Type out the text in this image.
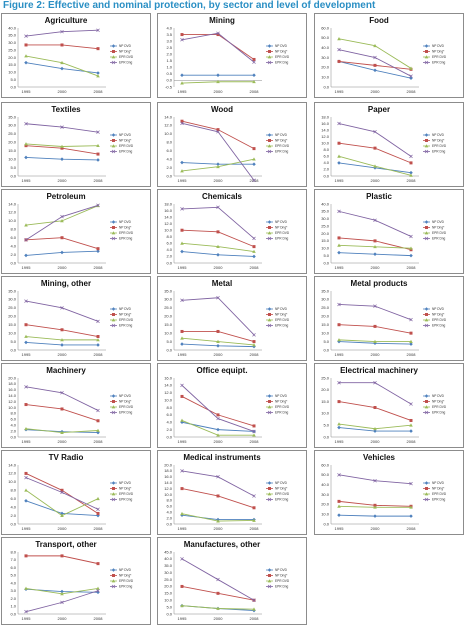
Figure 2: Effective and nominal protection, by sector and level of development
Agriculture
0.0
5.0
10.0
15.0
20.0
25.0
30.0
35.0
40.0
1995	2000	2008
NP DVD
NP Dng*
EPR DVD
EPR Dng
Mining
-0.5
0.0
0.5
1.0
1.5
2.0
2.5
3.0
3.5
4.0
1995	2000	2008
NP DVD
NP Dng*
EPR DVD
EPR Dng
Food
0.0
10.0
20.0
30.0
40.0
50.0
60.0
1995	2000	2008
NP DVD
NP Dng*
EPR DVD
EPR Dng
Textiles
0.0
5.0
10.0
15.0
20.0
25.0
30.0
35.0
1995	2000	2008
NP DVD
NP Dng*
EPR DVD
EPR Dng
Wood
0.0
2.0
4.0
6.0
8.0
10.0
12.0
14.0
1995	2000	2008
NP DVD
NP Dng*
EPR DVD
EPR Dng
Paper
0.0
2.0
4.0
6.0
8.0
10.0
12.0
14.0
16.0
18.0
1995	2000	2008
NP DVD
NP Dng*
EPR DVD
EPR Dng
Petroleum
0.0
2.0
4.0
6.0
8.0
10.0
12.0
14.0
1995	2000	2008
NP DVD
NP Dng*
EPR DVD
EPR Dng
Chemicals
0.0
2.0
4.0
6.0
8.0
10.0
12.0
14.0
16.0
18.0
1995	2000	2008
NP DVD
NP Dng*
EPR DVD
EPR Dng
Plastic
0.0
5.0
10.0
15.0
20.0
25.0
30.0
35.0
40.0
1995	2000	2008
NP DVD
NP Dng*
EPR DVD
EPR Dng
Mining, other
0.0
5.0
10.0
15.0
20.0
25.0
30.0
35.0
1995	2000	2008
NP DVD
NP Dng*
EPR DVD
EPR Dng
Metal
0.0
5.0
10.0
15.0
20.0
25.0
30.0
35.0
1995	2000	2008
NP DVD
NP Dng*
EPR DVD
EPR Dng
Metal products
0.0
5.0
10.0
15.0
20.0
25.0
30.0
35.0
1995	2000	2008
NP DVD
NP Dng*
EPR DVD
EPR Dng
Machinery
0.0
2.0
4.0
6.0
8.0
10.0
12.0
14.0
16.0
18.0
20.0
1995	2000	2008
NP DVD
NP Dng*
EPR DVD
EPR Dng
Office equipt.
0.0
2.0
4.0
6.0
8.0
10.0
12.0
14.0
16.0
1995	2000	2008
NP DVD
NP Dng*
EPR DVD
EPR Dng
Electrical machinery
0.0
5.0
10.0
15.0
20.0
25.0
1995	2000	2008
NP DVD
NP Dng*
EPR DVD
EPR Dng
TV Radio
0.0
2.0
4.0
6.0
8.0
10.0
12.0
14.0
1995	2000	2008
NP DVD
NP Dng*
EPR DVD
EPR Dng
Medical instruments
0.0
2.0
4.0
6.0
8.0
10.0
12.0
14.0
16.0
18.0
20.0
1995	2000	2008
NP DVD
NP Dng*
EPR DVD
EPR Dng
Vehicles
0.0
10.0
20.0
30.0
40.0
50.0
60.0
1995	2000	2008
NP DVD
NP Dng*
EPR DVD
EPR Dng
Transport, other
0.0
1.0
2.0
3.0
4.0
5.0
6.0
7.0
8.0
1995	2000	2008
NP DVD
NP Dng*
EPR DVD
EPR Dng
Manufactures, other
0.0
5.0
10.0
15.0
20.0
25.0
30.0
35.0
40.0
45.0
1995	2000	2008
NP DVD
NP Dng*
EPR DVD
EPR Dng
